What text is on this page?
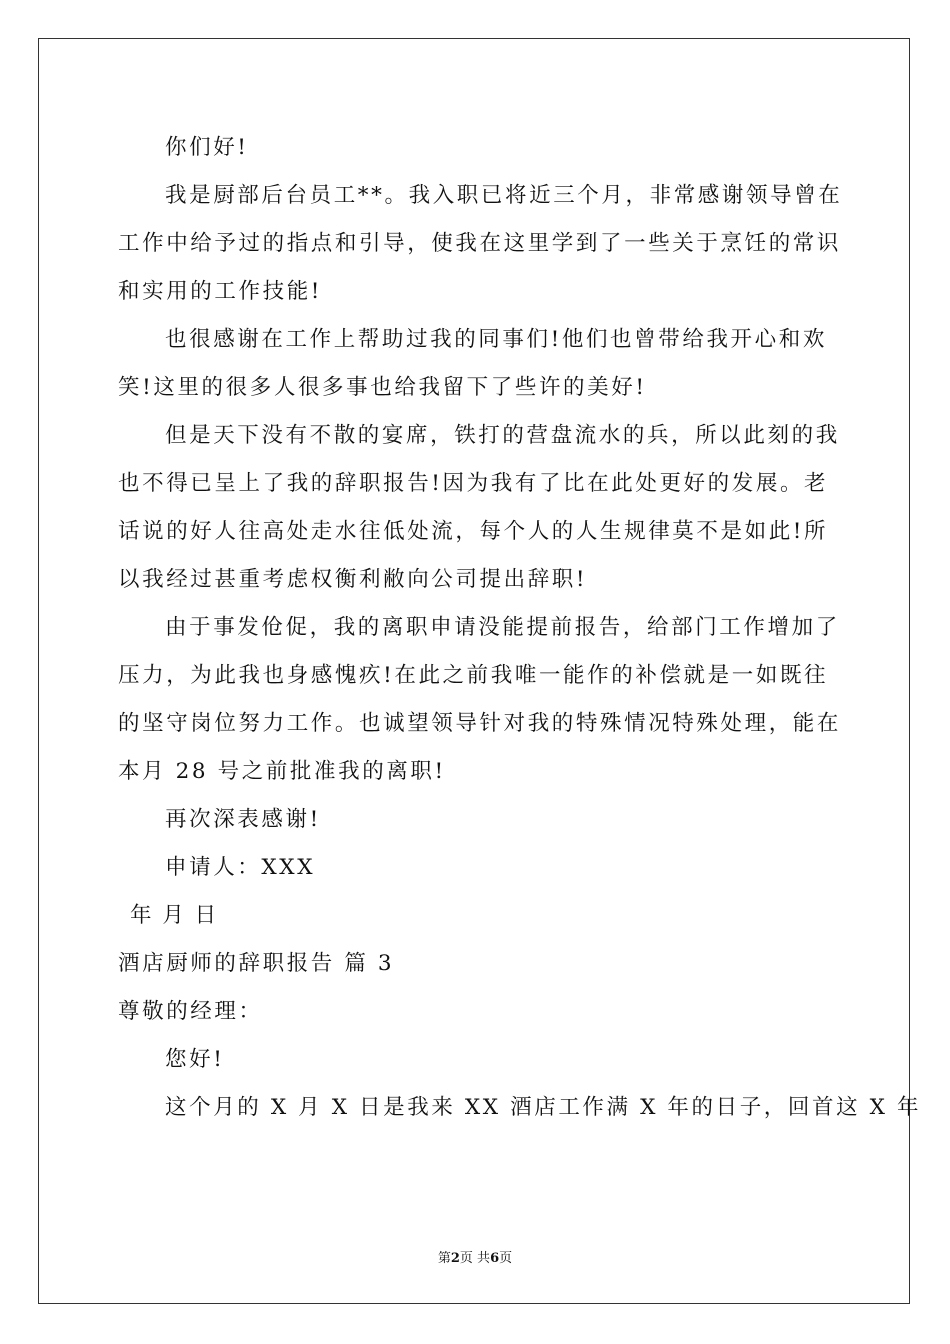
你们好!
我是厨部后台员工**。我入职已将近三个月，非常感谢领导曾在
工作中给予过的指点和引导，使我在这里学到了一些关于烹饪的常识
和实用的工作技能!
也很感谢在工作上帮助过我的同事们!他们也曾带给我开心和欢
笑!这里的很多人很多事也给我留下了些许的美好!
但是天下没有不散的宴席，铁打的营盘流水的兵，所以此刻的我
也不得已呈上了我的辞职报告!因为我有了比在此处更好的发展。老
话说的好人往高处走水往低处流，每个人的人生规律莫不是如此!所
以我经过甚重考虑权衡利敝向公司提出辞职!
由于事发伧促，我的离职申请没能提前报告，给部门工作增加了
压力，为此我也身感愧疚!在此之前我唯一能作的补偿就是一如既往
的坚守岗位努力工作。也诚望领导针对我的特殊情况特殊处理，能在
本月 28 号之前批准我的离职!
再次深表感谢!
申请人：XXX
年 月 日
酒店厨师的辞职报告 篇 3
尊敬的经理：
您好!
这个月的 X 月 X 日是我来 XX 酒店工作满 X 年的日子，回首这 X 年
第2页 共6页
